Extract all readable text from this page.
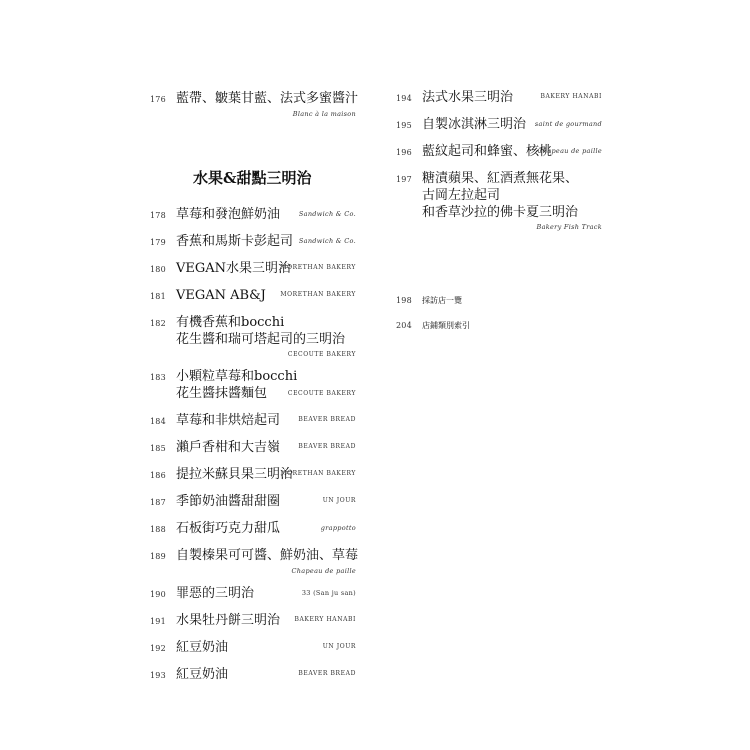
176 藍帶、皺葉甘藍、法式多蜜醬汁
Blanc à la maison
水果&甜點三明治
178 草莓和發泡鮮奶油	Sandwich & Co.
179 香蕉和馬斯卡彭起司 Sandwich & Co.
180 VEGAN水果三明治
MORETHAN BAKERY
181 VEGAN AB&J MORETHAN BAKERY
182 有機香蕉和bocchi
花生醬和瑞可塔起司的三明治
CECOUTE BAKERY
183 小顆粒草莓和bocchi
花生醬抹醬麵包	CECOUTE BAKERY
184 草莓和非烘焙起司	BEAVER BREAD
185 瀨戶香柑和大吉嶺	BEAVER BREAD
186 提拉米蘇貝果三明治
MORETHAN BAKERY
187 季節奶油醬甜甜圈	UN JOUR
188 石板街巧克力甜瓜	grappotto
189 自製榛果可可醬、鮮奶油、草莓
Chapeau de paille
190 罪惡的三明治	33 (San ju san)
191 水果牡丹餅三明治 BAKERY HANABI
192 紅豆奶油	UN JOUR
193 紅豆奶油	BEAVER BREAD
194 法式水果三明治	BAKERY HANABI
195 自製冰淇淋三明治 saint de gourmand
196 藍紋起司和蜂蜜、核桃
Chapeau de paille
197 糖漬蘋果、紅酒煮無花果、
古岡左拉起司
和香草沙拉的佛卡夏三明治
Bakery Fish Track
198 採訪店一覽
204 店鋪類別索引
